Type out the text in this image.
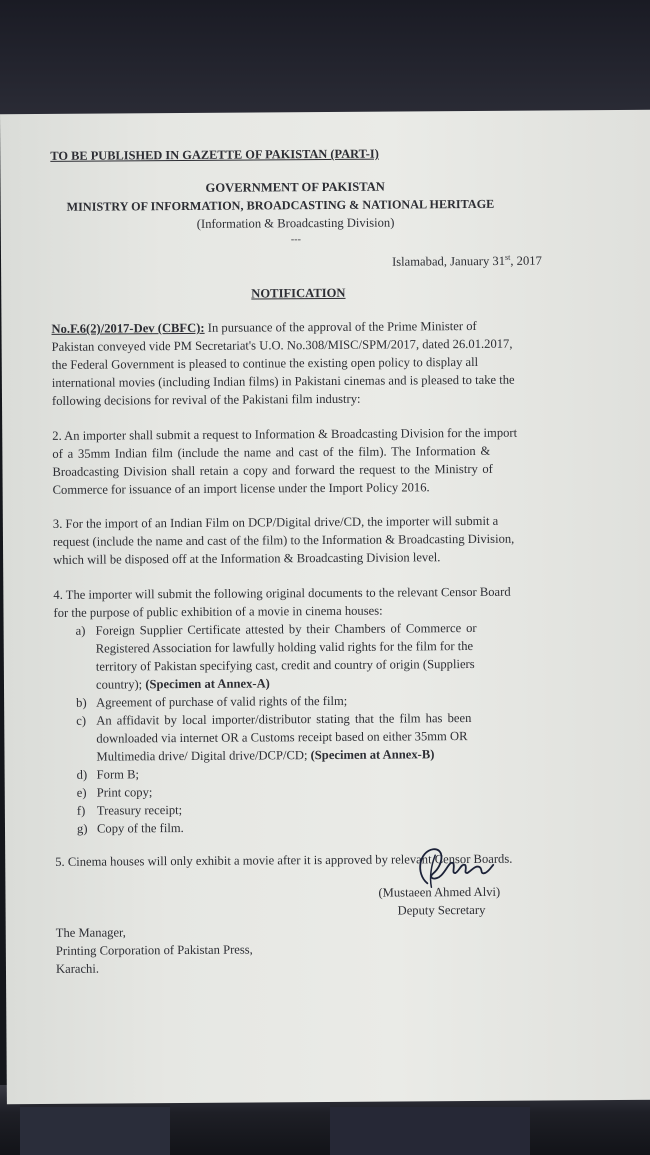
TO BE PUBLISHED IN GAZETTE OF PAKISTAN (PART-I)
GOVERNMENT OF PAKISTAN
MINISTRY OF INFORMATION, BROADCASTING & NATIONAL HERITAGE
(Information & Broadcasting Division)
---
Islamabad, January 31st, 2017
NOTIFICATION
No.F.6(2)/2017-Dev (CBFC): In pursuance of the approval of the Prime Minister of
Pakistan conveyed vide PM Secretariat's U.O. No.308/MISC/SPM/2017, dated 26.01.2017,
the Federal Government is pleased to continue the existing open policy to display all
international movies (including Indian films) in Pakistani cinemas and is pleased to take the
following decisions for revival of the Pakistani film industry:
2. An importer shall submit a request to Information & Broadcasting Division for the import
of a 35mm Indian film (include the name and cast of the film). The Information &
Broadcasting Division shall retain a copy and forward the request to the Ministry of
Commerce for issuance of an import license under the Import Policy 2016.
3. For the import of an Indian Film on DCP/Digital drive/CD, the importer will submit a
request (include the name and cast of the film) to the Information & Broadcasting Division,
which will be disposed off at the Information & Broadcasting Division level.
4. The importer will submit the following original documents to the relevant Censor Board
for the purpose of public exhibition of a movie in cinema houses:
a) Foreign Supplier Certificate attested by their Chambers of Commerce or
Registered Association for lawfully holding valid rights for the film for the
territory of Pakistan specifying cast, credit and country of origin (Suppliers
country); (Specimen at Annex-A)
b) Agreement of purchase of valid rights of the film;
c) An affidavit by local importer/distributor stating that the film has been
downloaded via internet OR a Customs receipt based on either 35mm OR
Multimedia drive/ Digital drive/DCP/CD; (Specimen at Annex-B)
d) Form B;
e) Print copy;
f) Treasury receipt;
g) Copy of the film.
5. Cinema houses will only exhibit a movie after it is approved by relevant Censor Boards.
(Mustaeen Ahmed Alvi)
Deputy Secretary
The Manager,
Printing Corporation of Pakistan Press,
Karachi.
